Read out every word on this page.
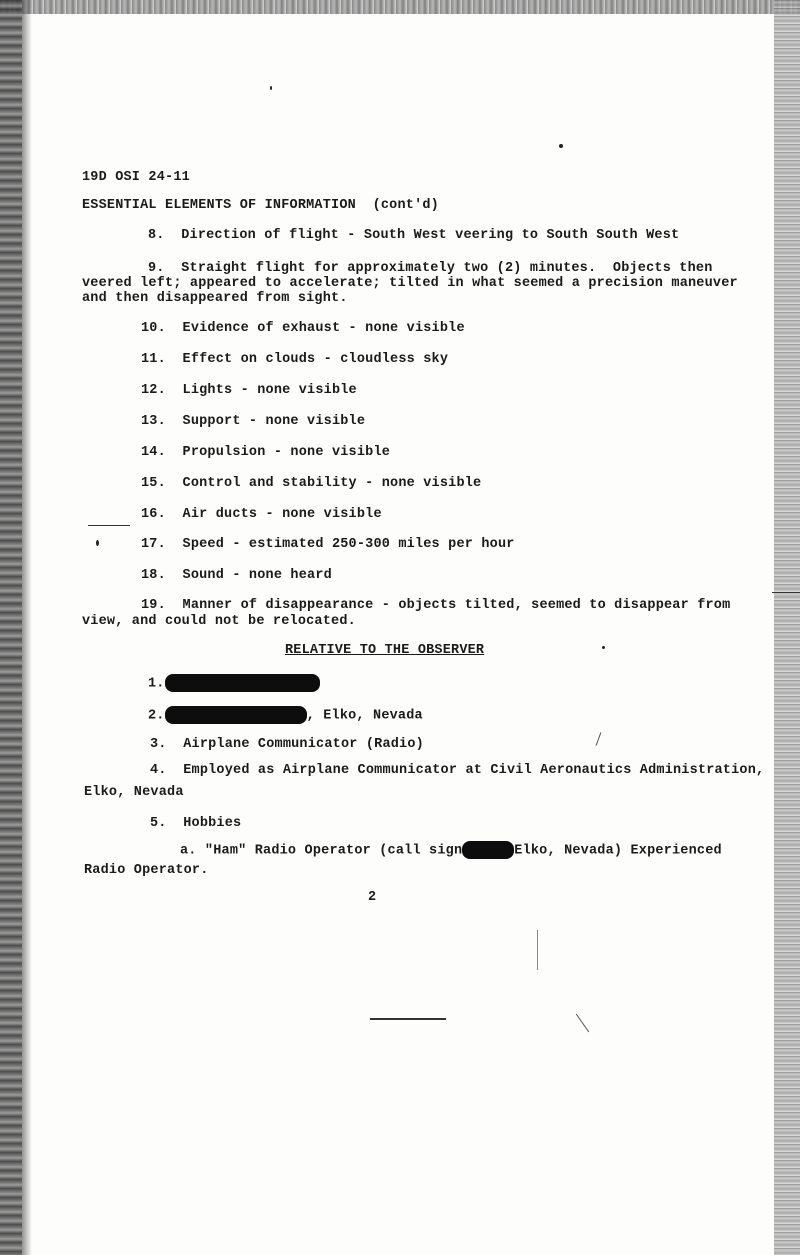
19D OSI 24-11
ESSENTIAL ELEMENTS OF INFORMATION (cont'd)
8. Direction of flight - South West veering to South South West
9. Straight flight for approximately two (2) minutes.  Objects then
veered left; appeared to accelerate; tilted in what seemed a precision maneuver
and then disappeared from sight.
10. Evidence of exhaust - none visible
11. Effect on clouds - cloudless sky
12. Lights - none visible
13. Support - none visible
14. Propulsion - none visible
15. Control and stability - none visible
16. Air ducts - none visible
17. Speed - estimated 250-300 miles per hour
18. Sound - none heard
19. Manner of disappearance - objects tilted, seemed to disappear from
view, and could not be relocated.
RELATIVE TO THE OBSERVER
1.
2.	, Elko, Nevada
3. Airplane Communicator (Radio)
4. Employed as Airplane Communicator at Civil Aeronautics Administration,
Elko, Nevada
5. Hobbies
a. "Ham" Radio Operator (call sign	Elko, Nevada) Experienced
Radio Operator.
2
